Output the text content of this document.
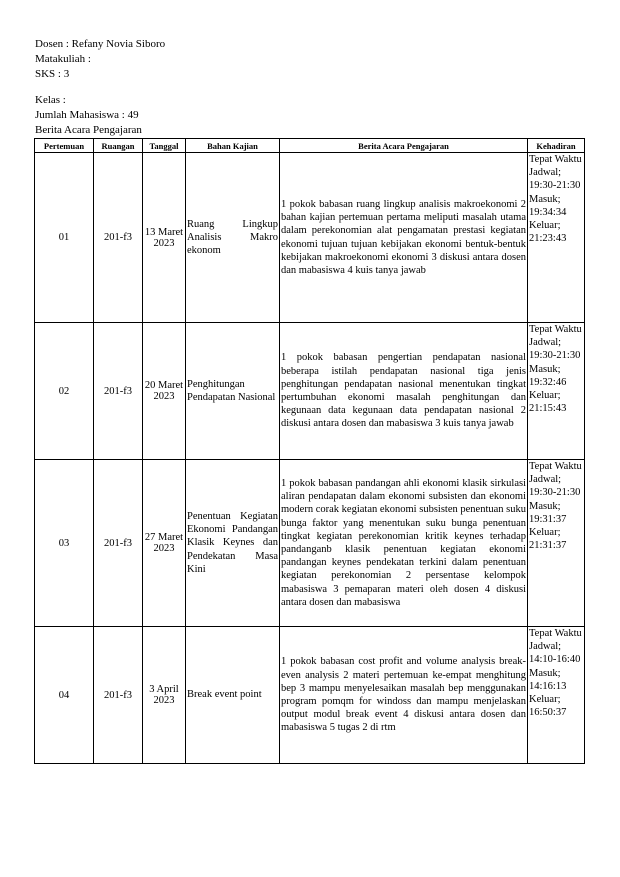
Dosen : Refany Novia Siboro
Matakuliah :
SKS : 3
Kelas :
Jumlah Mahasiswa : 49
Berita Acara Pengajaran
Pertemuan	Ruangan	Tanggal	Bahan Kajian	Berita Acara Pengajaran	Kehadiran
01	201-f3	13 Maret 2023	Ruang Lingkup Analisis Makro ekonom	1 pokok babasan ruang lingkup analisis makroekonomi 2 bahan kajian pertemuan pertama meliputi masalah utama dalam perekonomian alat pengamatan prestasi kegiatan ekonomi tujuan tujuan kebijakan ekonomi bentuk-bentuk kebijakan makroekonomi ekonomi 3 diskusi antara dosen dan mabasiswa 4 kuis tanya jawab	Tepat Waktu Jadwal; 19:30-21:30 Masuk; 19:34:34 Keluar; 21:23:43
02	201-f3	20 Maret 2023	Penghitungan Pendapatan Nasional	1 pokok babasan pengertian pendapatan nasional beberapa istilah pendapatan nasional tiga jenis penghitungan pendapatan nasional menentukan tingkat pertumbuhan ekonomi masalah penghitungan dan kegunaan data kegunaan data pendapatan nasional 2 diskusi antara dosen dan mabasiswa 3 kuis tanya jawab	Tepat Waktu Jadwal; 19:30-21:30 Masuk; 19:32:46 Keluar; 21:15:43
03	201-f3	27 Maret 2023	Penentuan Kegiatan Ekonomi Pandangan Klasik Keynes dan Pendekatan Masa Kini	1 pokok babasan pandangan ahli ekonomi klasik sirkulasi aliran pendapatan dalam ekonomi subsisten dan ekonomi modern corak kegiatan ekonomi subsisten penentuan suku bunga faktor yang menentukan suku bunga penentuan tingkat kegiatan perekonomian kritik keynes terhadap pandanganb klasik penentuan kegiatan ekonomi pandangan keynes pendekatan terkini dalam penentuan kegiatan perekonomian 2 persentase kelompok mabasiswa 3 pemaparan materi oleh dosen 4 diskusi antara dosen dan mabasiswa	Tepat Waktu Jadwal; 19:30-21:30 Masuk; 19:31:37 Keluar; 21:31:37
04	201-f3	3 April 2023	Break event point	1 pokok babasan cost profit and volume analysis break-even analysis 2 materi pertemuan ke-empat menghitung bep 3 mampu menyelesaikan masalah bep menggunakan program pomqm for windoss dan mampu menjelaskan output modul break event 4 diskusi antara dosen dan mabasiswa 5 tugas 2 di rtm	Tepat Waktu Jadwal; 14:10-16:40 Masuk; 14:16:13 Keluar; 16:50:37
